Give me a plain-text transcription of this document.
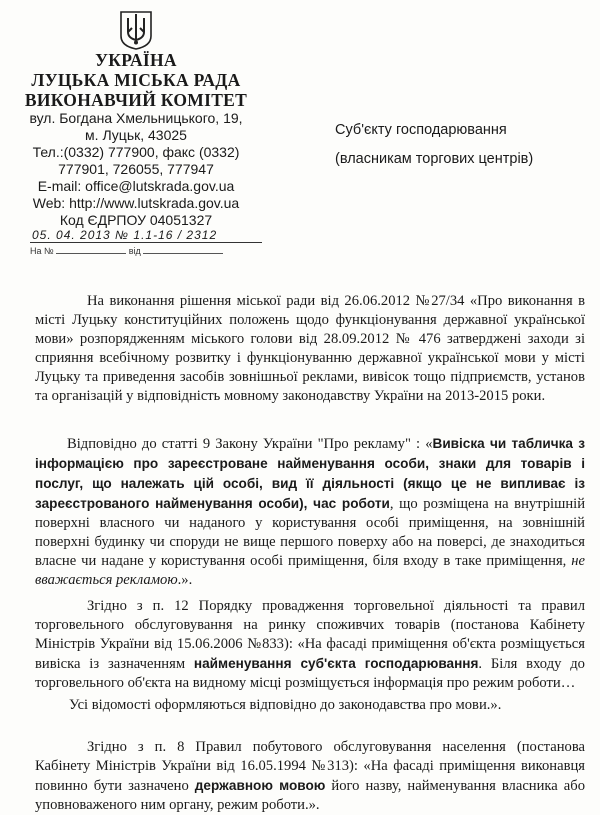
УКРАЇНА
ЛУЦЬКА МІСЬКА РАДА
ВИКОНАВЧИЙ КОМІТЕТ
вул. Богдана Хмельницького, 19,
м. Луцьк, 43025
Тел.:(0332) 777900, факс (0332)
777901, 726055, 777947
E-mail: office@lutskrada.gov.ua
Web: http://www.lutskrada.gov.ua
Код ЄДРПОУ 04051327
05. 04. 2013 № 1.1-16 / 2312
На №	від
Суб'єкту господарювання
(власникам торгових центрів)
На виконання рішення міської ради від 26.06.2012 №27/34 «Про виконання в місті Луцьку конституційних положень щодо функціонування державної української мови» розпорядженням міського голови від 28.09.2012 № 476 затверджені заходи зі сприяння всебічному розвитку і функціонуванню державної української мови у місті Луцьку та приведення засобів зовнішньої реклами, вивісок тощо підприємств, установ та організацій у відповідність мовному законодавству України на 2013-2015 роки.
Відповідно до статті 9 Закону України "Про рекламу" : «Вивіска чи табличка з інформацією про зареєстроване найменування особи, знаки для товарів і послуг, що належать цій особі, вид її діяльності (якщо це не випливає із зареєстрованого найменування особи), час роботи, що розміщена на внутрішній поверхні власного чи наданого у користування особі приміщення, на зовнішній поверхні будинку чи споруди не вище першого поверху або на поверсі, де знаходиться власне чи надане у користування особі приміщення, біля входу в таке приміщення, не вважається рекламою.».
Згідно з п. 12 Порядку провадження торговельної діяльності та правил торговельного обслуговування на ринку споживчих товарів (постанова Кабінету Міністрів України від 15.06.2006 №833): «На фасаді приміщення об'єкта розміщується вивіска із зазначенням найменування суб'єкта господарювання. Біля входу до торговельного об'єкта на видному місці розміщується інформація про режим роботи…
Усі відомості оформляються відповідно до законодавства про мови.».
Згідно з п. 8 Правил побутового обслуговування населення (постанова Кабінету Міністрів України від 16.05.1994 №313): «На фасаді приміщення виконавця повинно бути зазначено державною мовою його назву, найменування власника або уповноваженого ним органу, режим роботи.».
